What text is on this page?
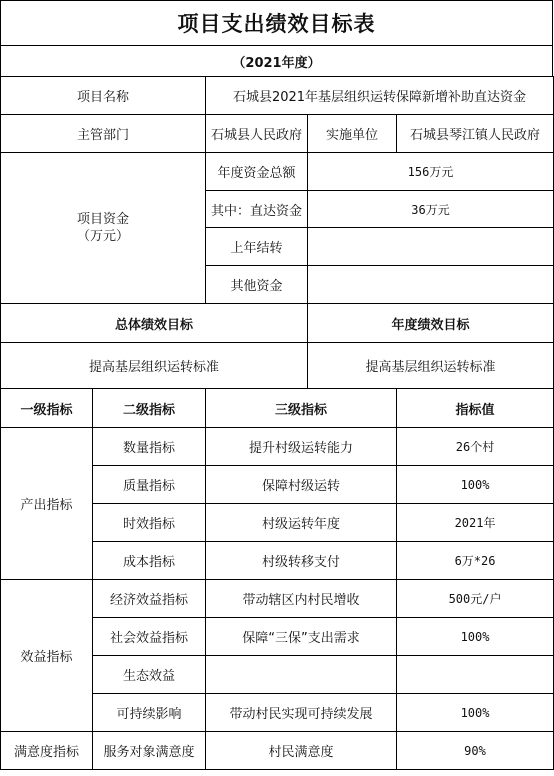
项目支出绩效目标表
（2021年度）
项目名称		石城县2021年基层组织运转保障新增补助直达资金		
主管部门		石城县人民政府	实施单位	石城县琴江镇人民政府

项目资金
（万元）		年度资金总额	156万元	
		其中：直达资金	36万元	
		上年结转		
		其他资金		
总体绩效目标			年度绩效目标	
提高基层组织运转标准			提高基层组织运转标准	
一级指标	二级指标	三级指标		指标值
产出指标	数量指标	提升村级运转能力		26个村
	质量指标	保障村级运转		100%
	时效指标	村级运转年度		2021年
	成本指标	村级转移支付		6万*26
效益指标	经济效益指标	带动辖区内村民增收		500元/户
	社会效益指标	保障“三保”支出需求		100%
	生态效益			
	可持续影响	带动村民实现可持续发展		100%
满意度指标	服务对象满意度	村民满意度		90%
